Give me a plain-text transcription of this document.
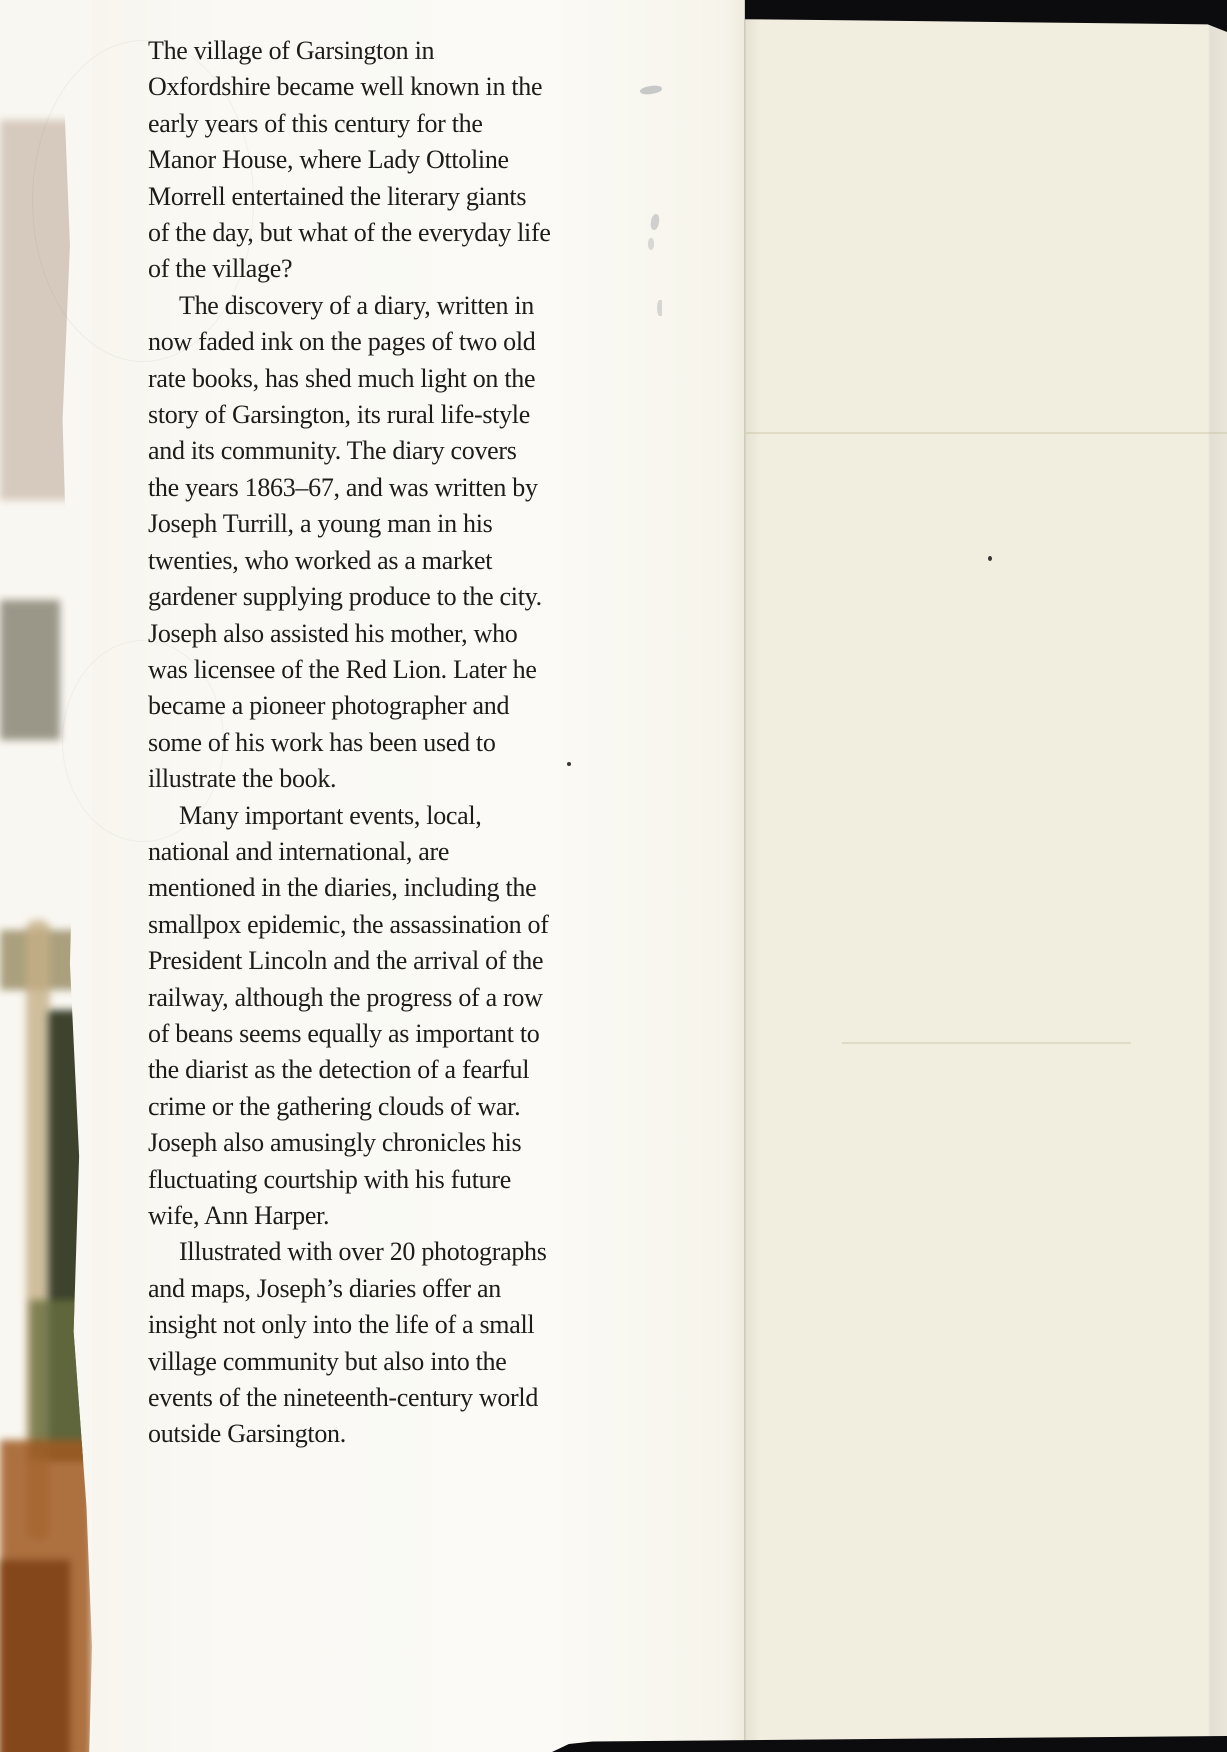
The village of Garsington in
Oxfordshire became well known in the
early years of this century for the
Manor House, where Lady Ottoline
Morrell entertained the literary giants
of the day, but what of the everyday life
of the village?
The discovery of a diary, written in
now faded ink on the pages of two old
rate books, has shed much light on the
story of Garsington, its rural life-style
and its community. The diary covers
the years 1863–67, and was written by
Joseph Turrill, a young man in his
twenties, who worked as a market
gardener supplying produce to the city.
Joseph also assisted his mother, who
was licensee of the Red Lion. Later he
became a pioneer photographer and
some of his work has been used to
illustrate the book.
Many important events, local,
national and international, are
mentioned in the diaries, including the
smallpox epidemic, the assassination of
President Lincoln and the arrival of the
railway, although the progress of a row
of beans seems equally as important to
the diarist as the detection of a fearful
crime or the gathering clouds of war.
Joseph also amusingly chronicles his
fluctuating courtship with his future
wife, Ann Harper.
Illustrated with over 20 photographs
and maps, Joseph’s diaries offer an
insight not only into the life of a small
village community but also into the
events of the nineteenth-century world
outside Garsington.
